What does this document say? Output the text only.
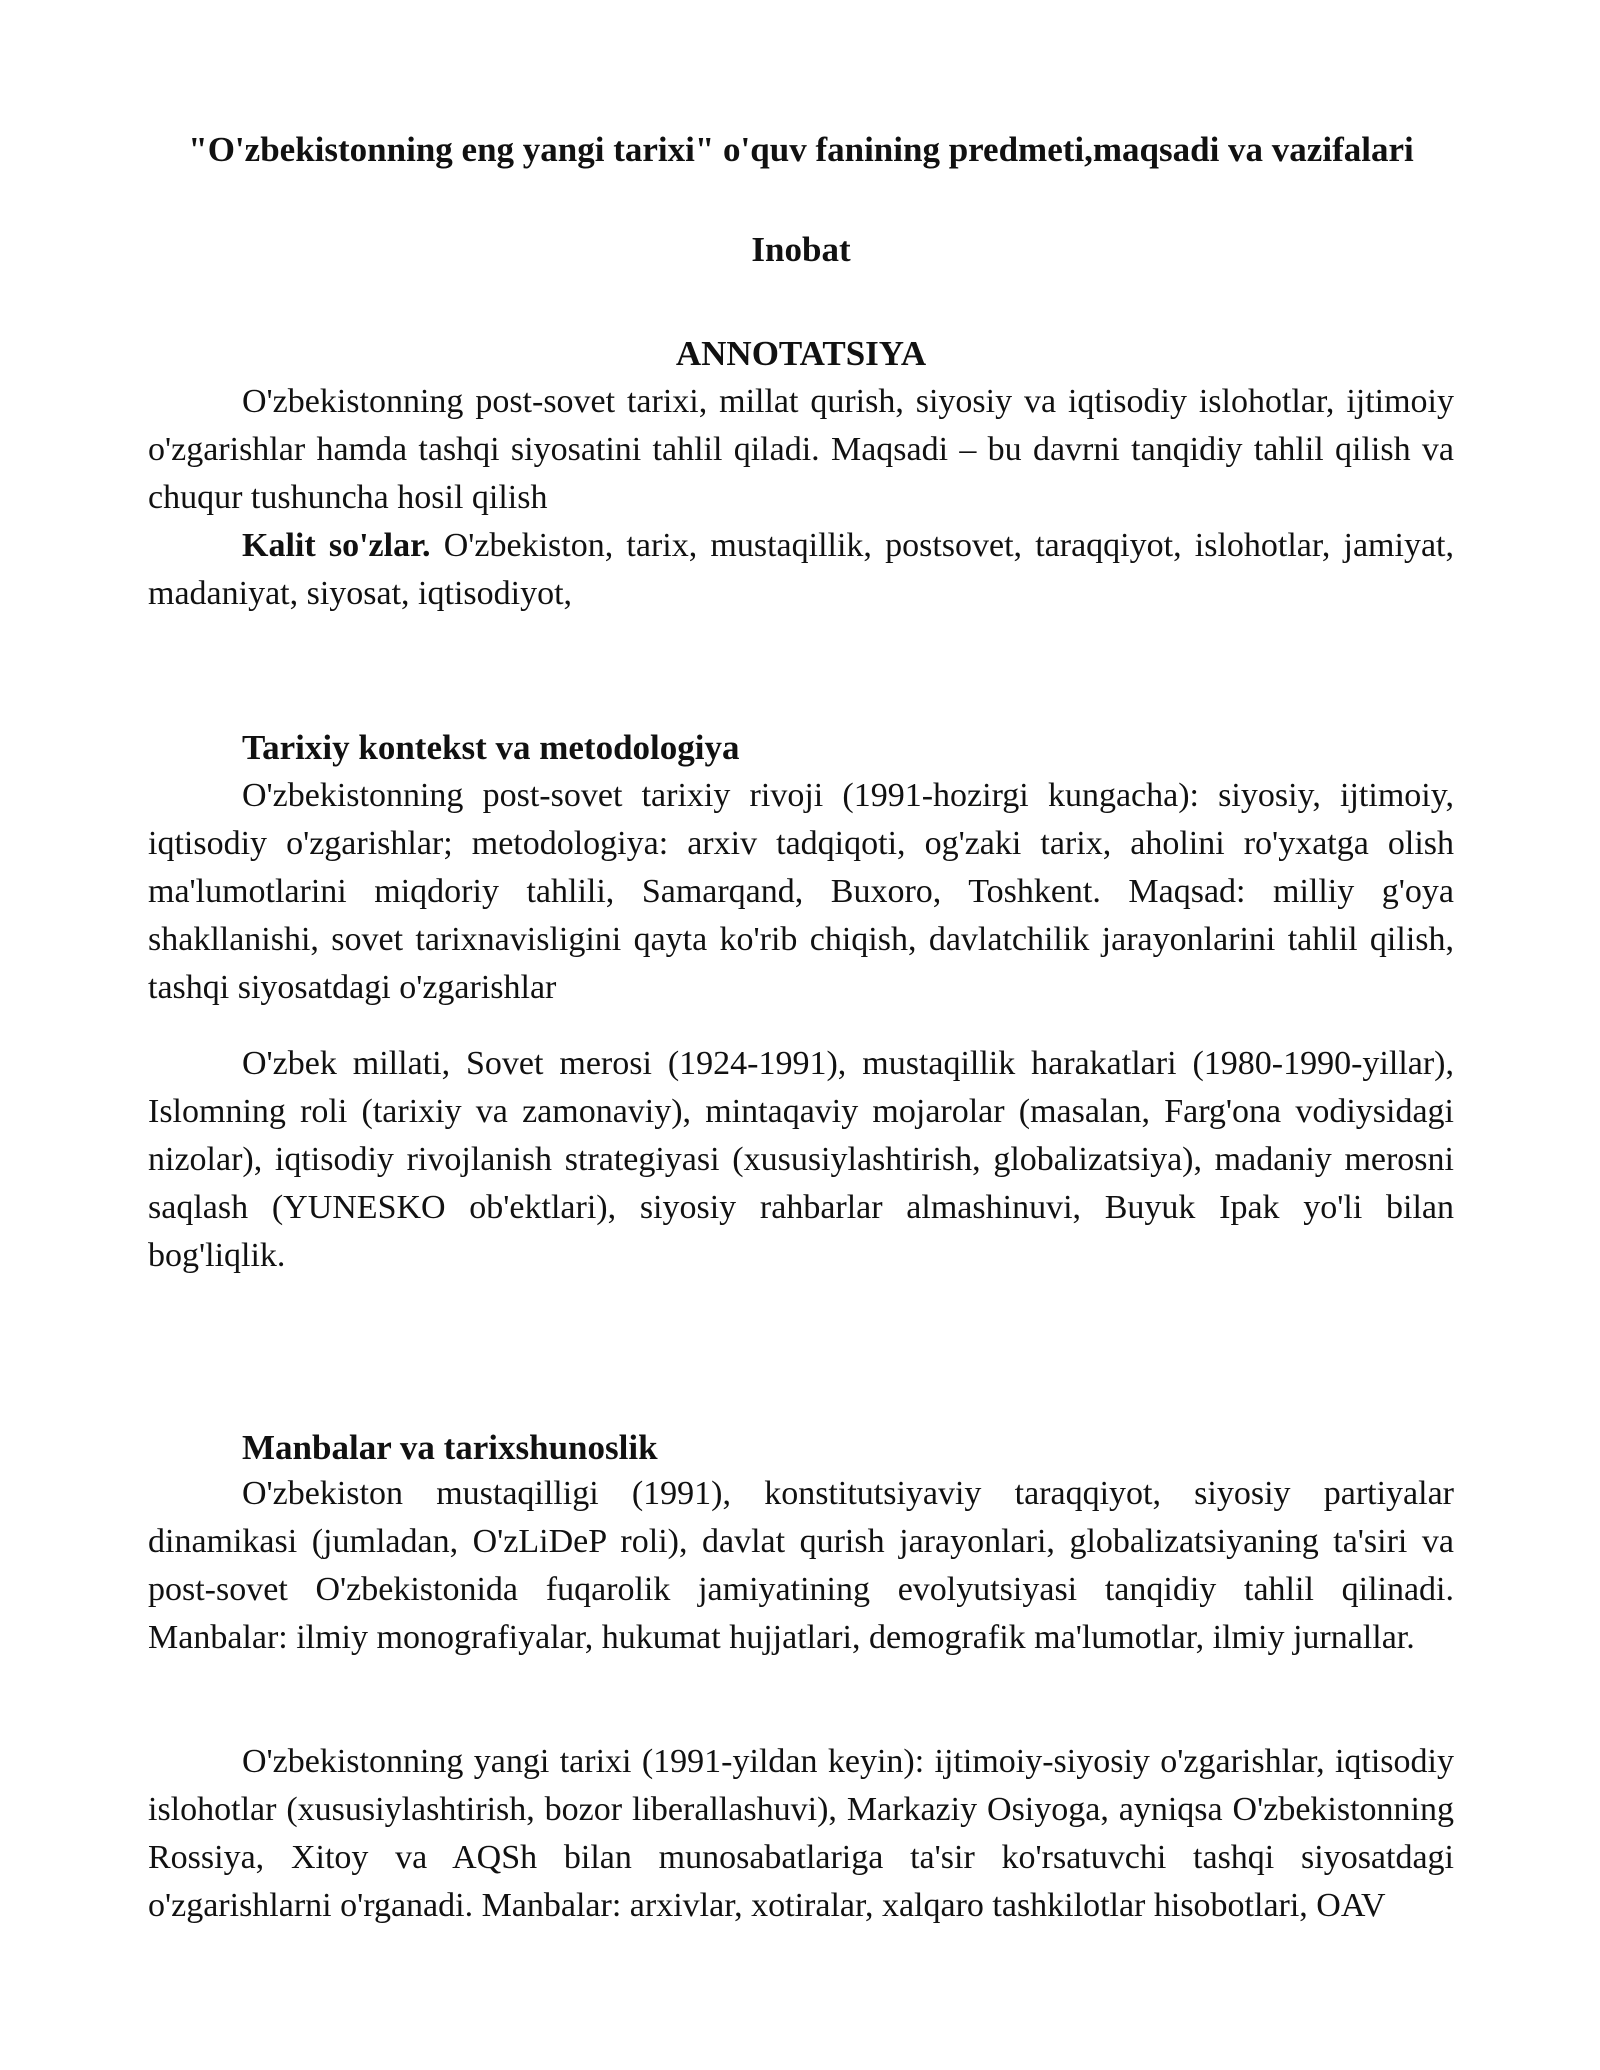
"O'zbekistonning eng yangi tarixi" o'quv fanining predmeti,maqsadi va vazifalari

Inobat

ANNOTATSIYA

O'zbekistonning post-sovet tarixi, millat qurish, siyosiy va iqtisodiy islohotlar, ijtimoiy o'zgarishlar hamda tashqi siyosatini tahlil qiladi. Maqsadi – bu davrni tanqidiy tahlil qilish va chuqur tushuncha hosil qilish

Kalit so'zlar. O'zbekiston, tarix, mustaqillik, postsovet, taraqqiyot, islohotlar, jamiyat, madaniyat, siyosat, iqtisodiyot,

Tarixiy kontekst va metodologiya

O'zbekistonning post-sovet tarixiy rivoji (1991-hozirgi kungacha): siyosiy, ijtimoiy, iqtisodiy o'zgarishlar; metodologiya: arxiv tadqiqoti, og'zaki tarix, aholini ro'yxatga olish ma'lumotlarini miqdoriy tahlili, Samarqand, Buxoro, Toshkent. Maqsad: milliy g'oya shakllanishi, sovet tarixnavisligini qayta ko'rib chiqish, davlatchilik jarayonlarini tahlil qilish, tashqi siyosatdagi o'zgarishlar

O'zbek millati, Sovet merosi (1924-1991), mustaqillik harakatlari (1980-1990-yillar), Islomning roli (tarixiy va zamonaviy), mintaqaviy mojarolar (masalan, Farg'ona vodiysidagi nizolar), iqtisodiy rivojlanish strategiyasi (xususiylashtirish, globalizatsiya), madaniy merosni saqlash (YUNESKO ob'ektlari), siyosiy rahbarlar almashinuvi, Buyuk Ipak yo'li bilan bog'liqlik.

Manbalar va tarixshunoslik

O'zbekiston mustaqilligi (1991), konstitutsiyaviy taraqqiyot, siyosiy partiyalar dinamikasi (jumladan, O'zLiDeP roli), davlat qurish jarayonlari, globalizatsiyaning ta'siri va post-sovet O'zbekistonida fuqarolik jamiyatining evolyutsiyasi tanqidiy tahlil qilinadi. Manbalar: ilmiy monografiyalar, hukumat hujjatlari, demografik ma'lumotlar, ilmiy jurnallar.

O'zbekistonning yangi tarixi (1991-yildan keyin): ijtimoiy-siyosiy o'zgarishlar, iqtisodiy islohotlar (xususiylashtirish, bozor liberallashuvi), Markaziy Osiyoga, ayniqsa O'zbekistonning Rossiya, Xitoy va AQSh bilan munosabatlariga ta'sir ko'rsatuvchi tashqi siyosatdagi o'zgarishlarni o'rganadi. Manbalar: arxivlar, xotiralar, xalqaro tashkilotlar hisobotlari, OAV
